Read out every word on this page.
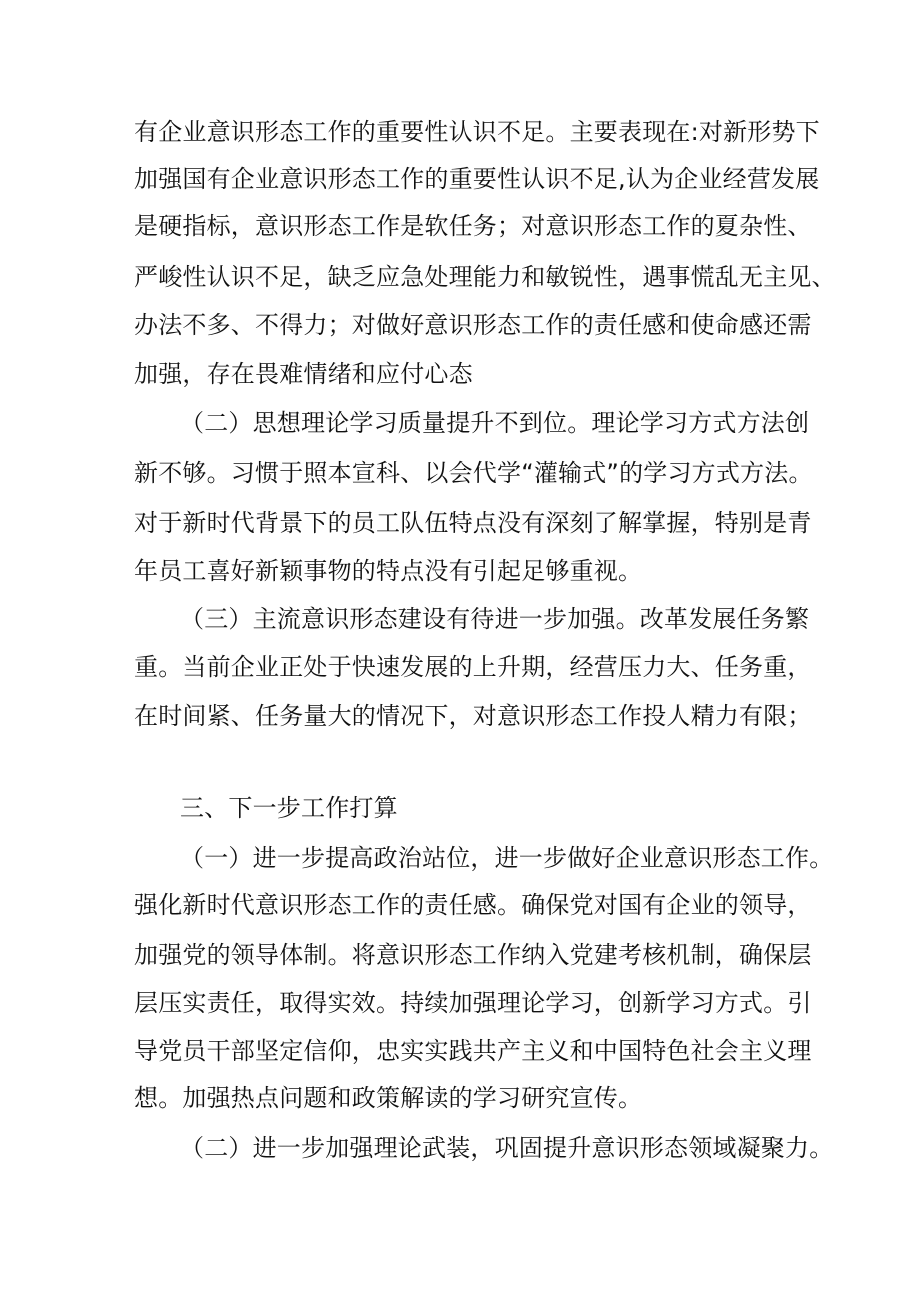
有企业意识形态工作的重要性认识不足。主要表现在:对新形势下
加强国有企业意识形态工作的重要性认识不足,认为企业经营发展
是硬指标，意识形态工作是软任务；对意识形态工作的夏杂性、
严峻性认识不足，缺乏应急处理能力和敏锐性，遇事慌乱无主见、
办法不多、不得力；对做好意识形态工作的责任感和使命感还需
加强，存在畏难情绪和应付心态
（二）思想理论学习质量提升不到位。理论学习方式方法创
新不够。习惯于照本宣科、以会代学“灌输式”的学习方式方法。
对于新时代背景下的员工队伍特点没有深刻了解掌握，特别是青
年员工喜好新颖事物的特点没有引起足够重视。
（三）主流意识形态建设有待进一步加强。改革发展任务繁
重。当前企业正处于快速发展的上升期，经营压力大、任务重，
在时间紧、任务量大的情况下，对意识形态工作投人精力有限；
三、下一步工作打算
（一）进一步提高政治站位，进一步做好企业意识形态工作。
强化新时代意识形态工作的责任感。确保党对国有企业的领导，
加强党的领导体制。将意识形态工作纳入党建考核机制，确保层
层压实责任，取得实效。持续加强理论学习，创新学习方式。引
导党员干部坚定信仰，忠实实践共产主义和中国特色社会主义理
想。加强热点问题和政策解读的学习研究宣传。
（二）进一步加强理论武装，巩固提升意识形态领域凝聚力。
